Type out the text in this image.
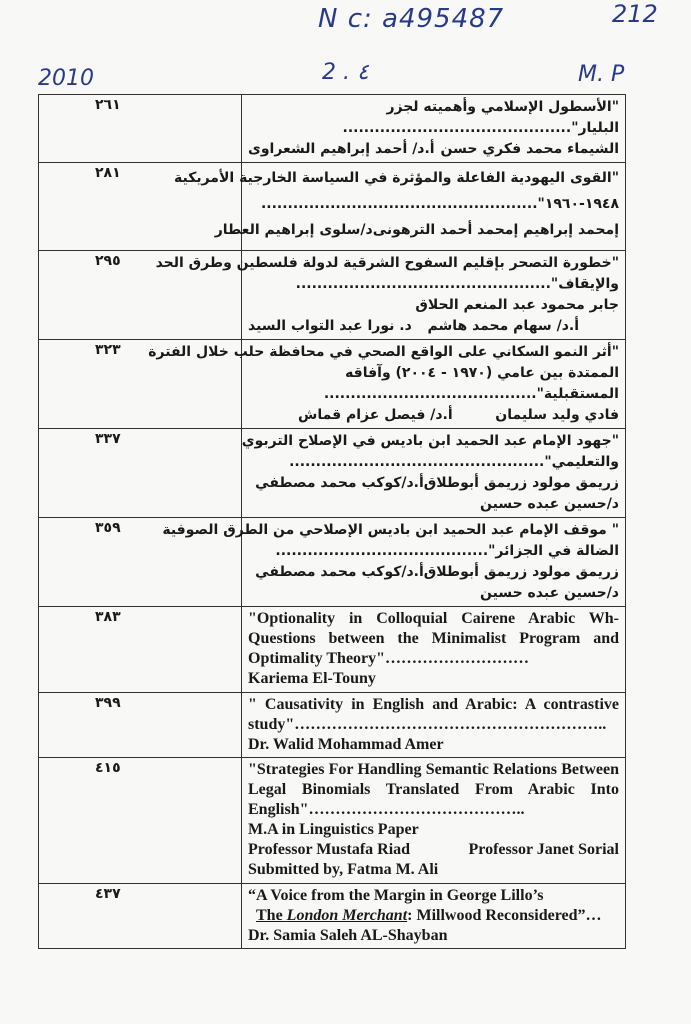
N c: a495487	212
2010	2 . ٤	M. P
٢٦١	"الأسطول الإسلامي وأهميته لجزر
البليار"...........................................
الشيماء محمد فكري حسن
أ.د/ أحمد إبراهيم الشعراوى

٢٨١	"القوى اليهودية الفاعلة والمؤثرة في السياسة الخارجية الأمريكية
١٩٤٨-١٩٦٠"....................................................
إمحمد إبراهيم إمحمد أحمد الترهونى
د/سلوى إبراهيم العطار

٢٩٥	"خطورة التصحر بإقليم السفوح الشرقية لدولة فلسطين وطرق الحد
والإيقاف"................................................
جابر محمود عبد المنعم الحلاق
أ.د/ سهام محمد هاشم
د. نورا عبد التواب السيد

٣٢٣	"أثر النمو السكاني على الواقع الصحي في محافظة حلب خلال الفترة
الممتدة بين عامي (١٩٧٠ - ٢٠٠٤) وآفاقه
المستقبلية"........................................
فادي وليد سليمان
أ.د/ فيصل عزام قماش

٣٣٧	"جهود الإمام عبد الحميد ابن باديس في الإصلاح التربوي
والتعليمي"................................................
زريمق مولود زريمق أبوطلاق
أ.د/كوكب محمد مصطفي
د/حسين عبده حسين

٣٥٩	" موقف الإمام عبد الحميد ابن باديس الإصلاحي من الطرق الصوفية
الضالة في الجزائر"........................................
زريمق مولود زريمق أبوطلاق
أ.د/كوكب محمد مصطفي
د/حسين عبده حسين

٣٨٣	"Optionality in Colloquial Cairene Arabic Wh-Questions between the Minimalist Program and Optimality Theory"………………………
Kariema El-Touny

٣٩٩	" Causativity in English and Arabic: A contrastive study"…………………………………………………..
Dr. Walid Mohammad Amer

٤١٥	"Strategies For Handling Semantic Relations Between Legal Binomials Translated From Arabic Into English"…………………………………..
M.A in Linguistics Paper
Professor Mustafa Riad Professor Janet Sorial
Submitted by, Fatma M. Ali

٤٣٧	“A Voice from the Margin in George Lillo’s
The London Merchant: Millwood Reconsidered”…
Dr. Samia Saleh AL-Shayban
